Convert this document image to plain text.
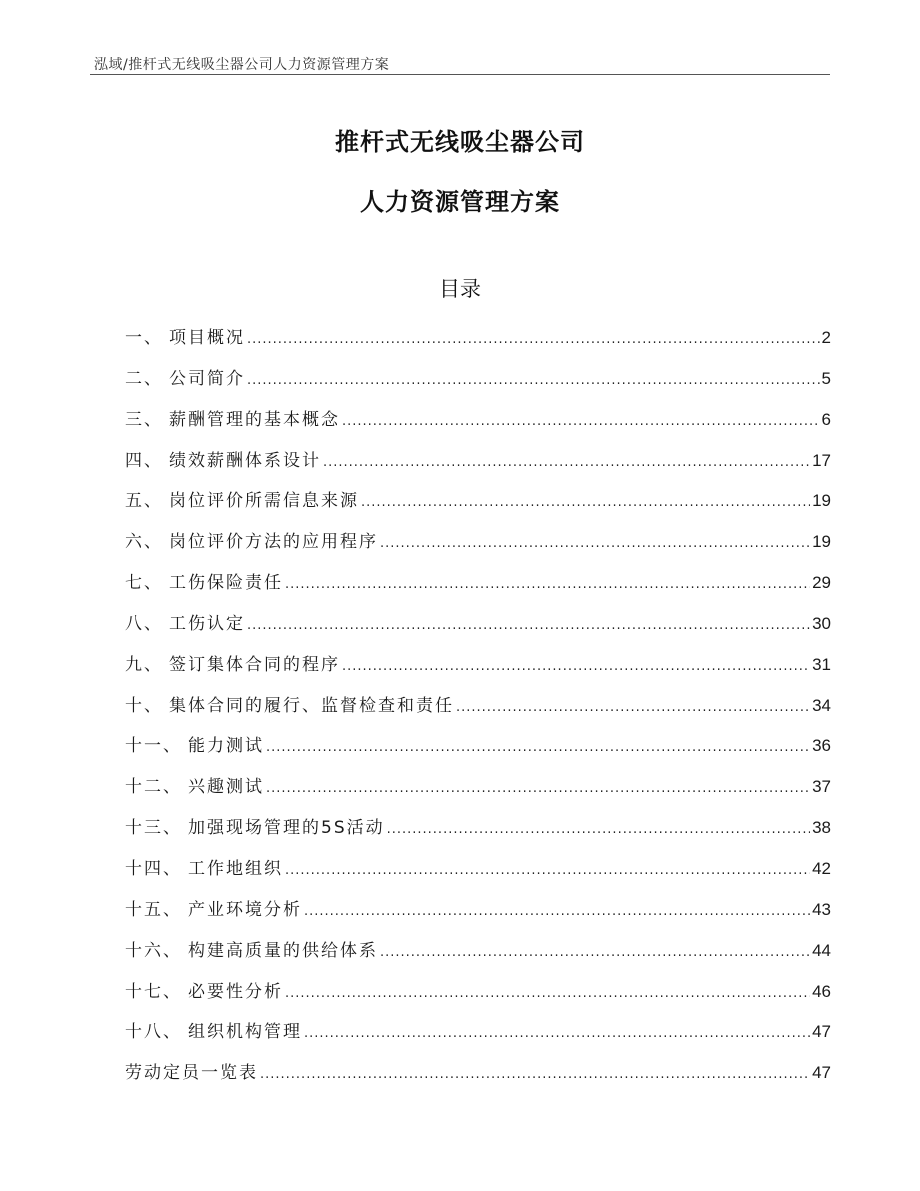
泓域/推杆式无线吸尘器公司人力资源管理方案
推杆式无线吸尘器公司
人力资源管理方案
目录
一、 项目概况 .....	2
二、 公司简介 .....	5
三、 薪酬管理的基本概念 .....	6
四、 绩效薪酬体系设计 .....	17
五、 岗位评价所需信息来源 .....	19
六、 岗位评价方法的应用程序 .....	19
七、 工伤保险责任 .....	29
八、 工伤认定 .....	30
九、 签订集体合同的程序 .....	31
十、 集体合同的履行、监督检查和责任 .....	34
十一、 能力测试 .....	36
十二、 兴趣测试 .....	37
十三、 加强现场管理的5S活动 .....	38
十四、 工作地组织 .....	42
十五、 产业环境分析 .....	43
十六、 构建高质量的供给体系 .....	44
十七、 必要性分析 .....	46
十八、 组织机构管理 .....	47
劳动定员一览表 .....	47
